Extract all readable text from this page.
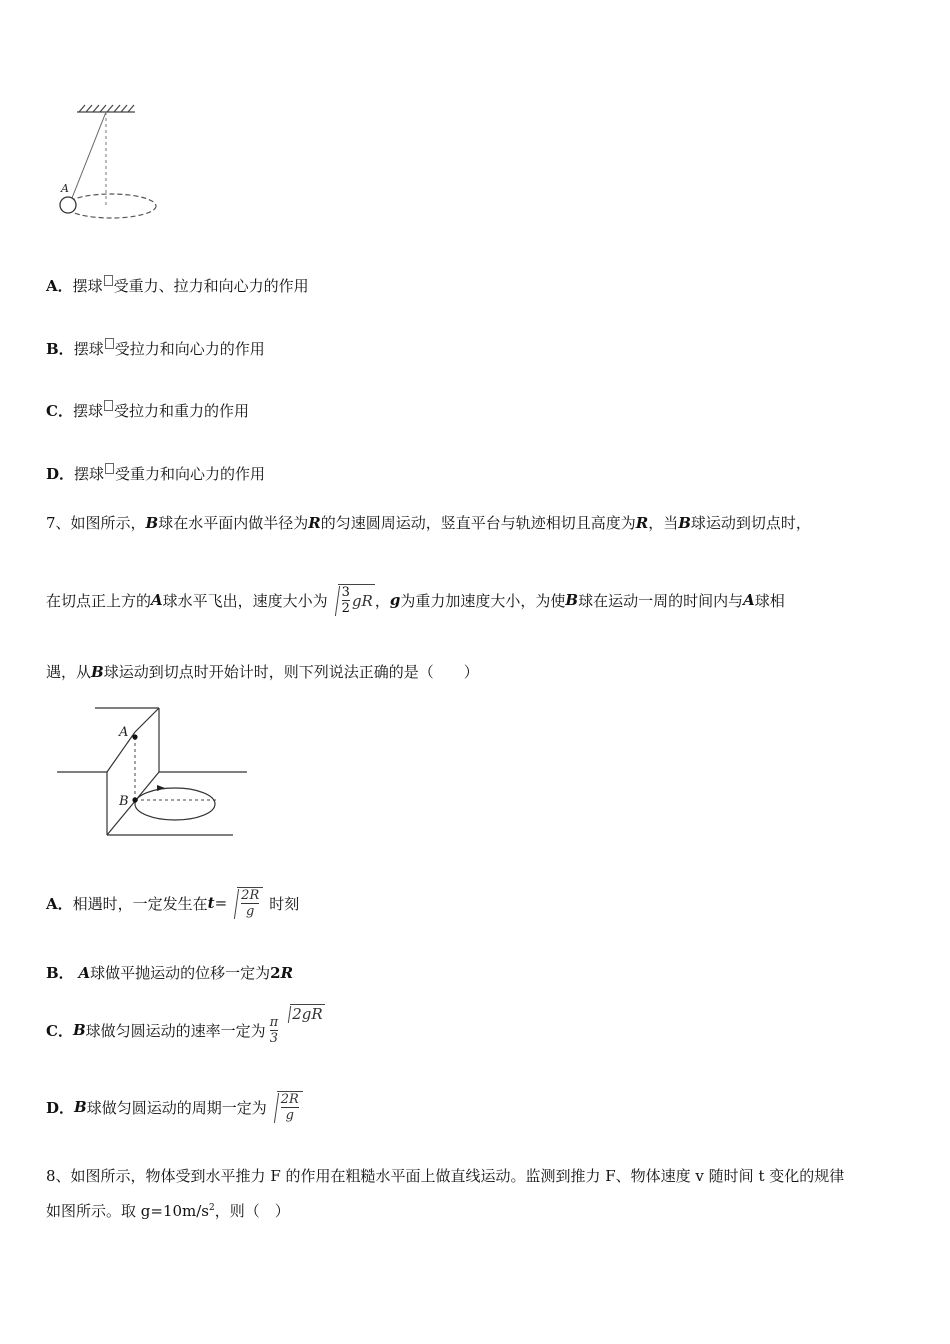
A
A．摆球 受重力、拉力和向心力的作用
B．摆球 受拉力和向心力的作用
C．摆球 受拉力和重力的作用
D．摆球 受重力和向心力的作用
7、如图所示，B球在水平面内做半径为R的匀速圆周运动，竖直平台与轨迹相切且高度为R，当B球运动到切点时，
在切点正上方的 A 球水平飞出，速度大小为 $\frac{3}{2}$ gR ， g 为重力加速度大小，为使 B 球在运动一周的时间内与 A 球相
遇，从B球运动到切点时开始计时，则下列说法正确的是（　　）
A
B
A． 相遇时，一定发生在 $t = \frac{2R}{g}$ 时刻
B． A球做平抛运动的位移一定为2R
C． B 球做匀圆运动的速率一定为 $\frac{\pi}{3}$
2gR
D． B 球做匀圆运动的周期一定为 $\frac{2R}{g}$
8、如图所示，物体受到水平推力 F 的作用在粗糙水平面上做直线运动。监测到推力 F、物体速度 v 随时间 t 变化的规律
如图所示。取 $g=10m/s^2$，则（　）
